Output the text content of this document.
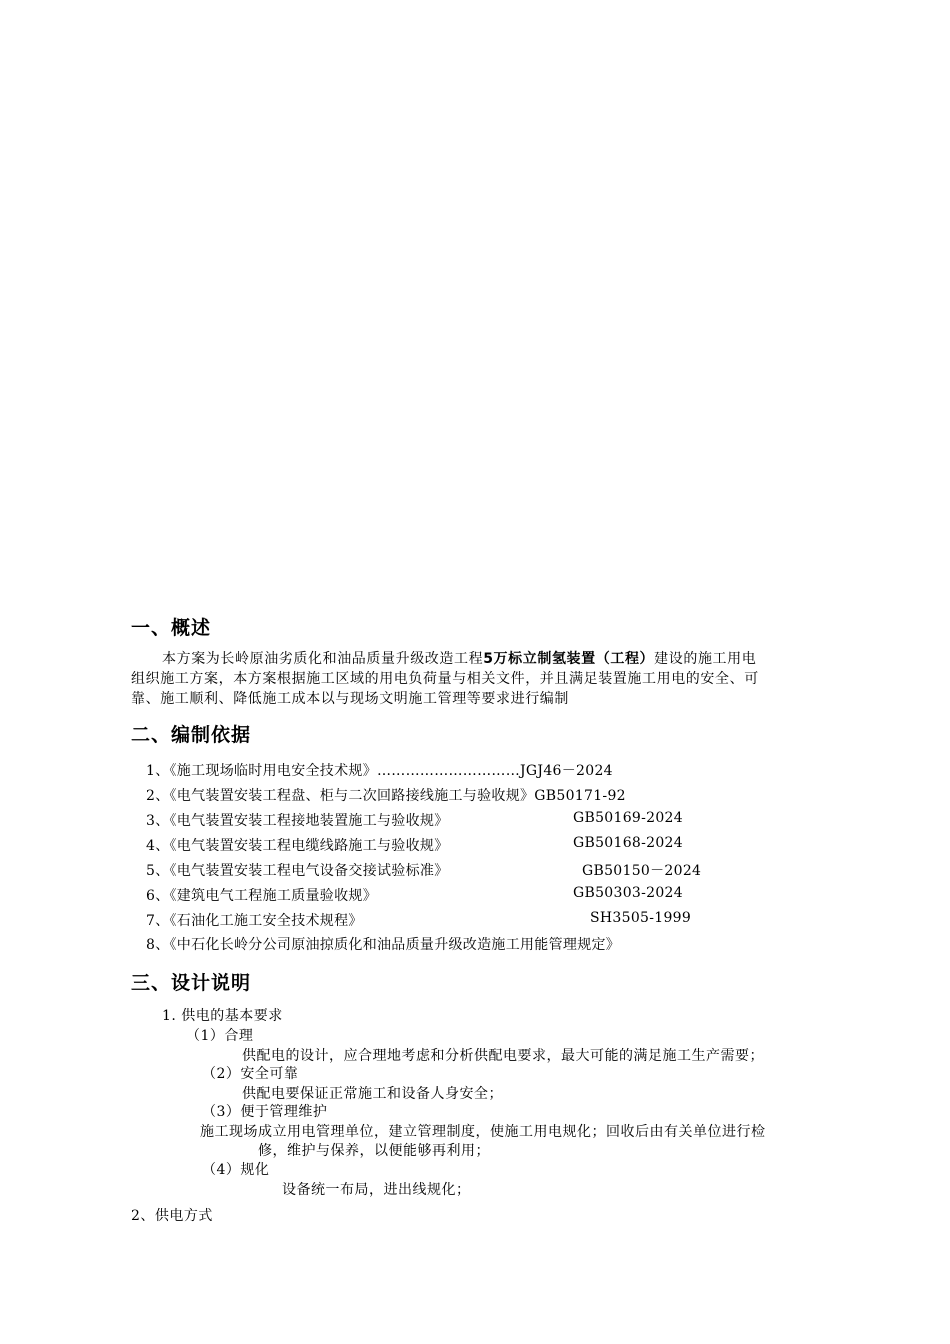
一、概述
本方案为长岭原油劣质化和油品质量升级改造工程5万标立制氢装置（工程）建设的施工用电
组织施工方案，本方案根据施工区域的用电负荷量与相关文件，并且满足装置施工用电的安全、可
靠、施工顺利、降低施工成本以与现场文明施工管理等要求进行编制
二、编制依据
1、《施工现场临时用电安全技术规》…………………………JGJ46－2024
2、《电气装置安装工程盘、柜与二次回路接线施工与验收规》GB50171-92
3、《电气装置安装工程接地装置施工与验收规》	GB50169-2024
4、《电气装置安装工程电缆线路施工与验收规》	GB50168-2024
5、《电气装置安装工程电气设备交接试验标准》	GB50150－2024
6、《建筑电气工程施工质量验收规》	GB50303-2024
7、《石油化工施工安全技术规程》	SH3505-1999
8、《中石化长岭分公司原油掠质化和油品质量升级改造施工用能管理规定》
三、设计说明
1. 供电的基本要求
（1）合理
供配电的设计，应合理地考虑和分析供配电要求，最大可能的满足施工生产需要；
（2）安全可靠
供配电要保证正常施工和设备人身安全；
（3）便于管理维护
施工现场成立用电管理单位，建立管理制度，使施工用电规化；回收后由有关单位进行检
修，维护与保养，以便能够再利用；
（4）规化
设备统一布局，进出线规化；
2、供电方式
